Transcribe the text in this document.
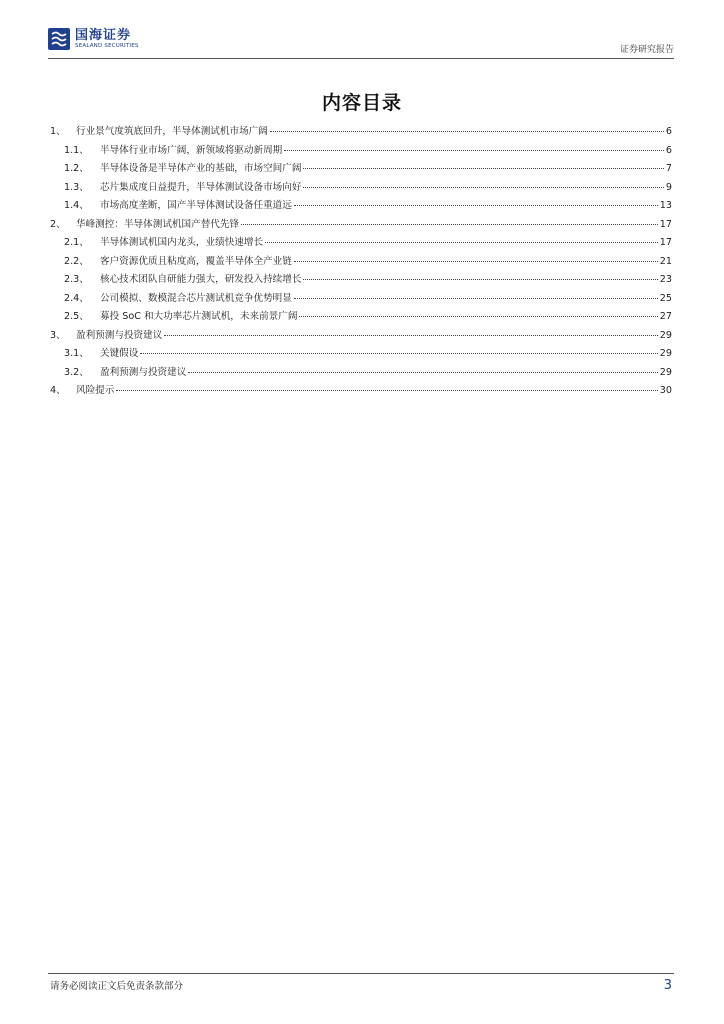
国海证券
SEALAND SECURITIES	证券研究报告
内容目录
1、	行业景气度筑底回升，半导体测试机市场广阔	6
1.1、	半导体行业市场广阔，新领域将驱动新周期	6
1.2、	半导体设备是半导体产业的基础，市场空间广阔	7
1.3、	芯片集成度日益提升，半导体测试设备市场向好	9
1.4、	市场高度垄断，国产半导体测试设备任重道远	13
2、	华峰测控：半导体测试机国产替代先锋	17
2.1、	半导体测试机国内龙头，业绩快速增长	17
2.2、	客户资源优质且粘度高，覆盖半导体全产业链	21
2.3、	核心技术团队自研能力强大，研发投入持续增长	23
2.4、	公司模拟、数模混合芯片测试机竞争优势明显	25
2.5、	募投 SoC 和大功率芯片测试机，未来前景广阔	27
3、	盈利预测与投资建议	29
3.1、	关键假设	29
3.2、	盈利预测与投资建议	29
4、	风险提示	30
请务必阅读正文后免责条款部分	3
